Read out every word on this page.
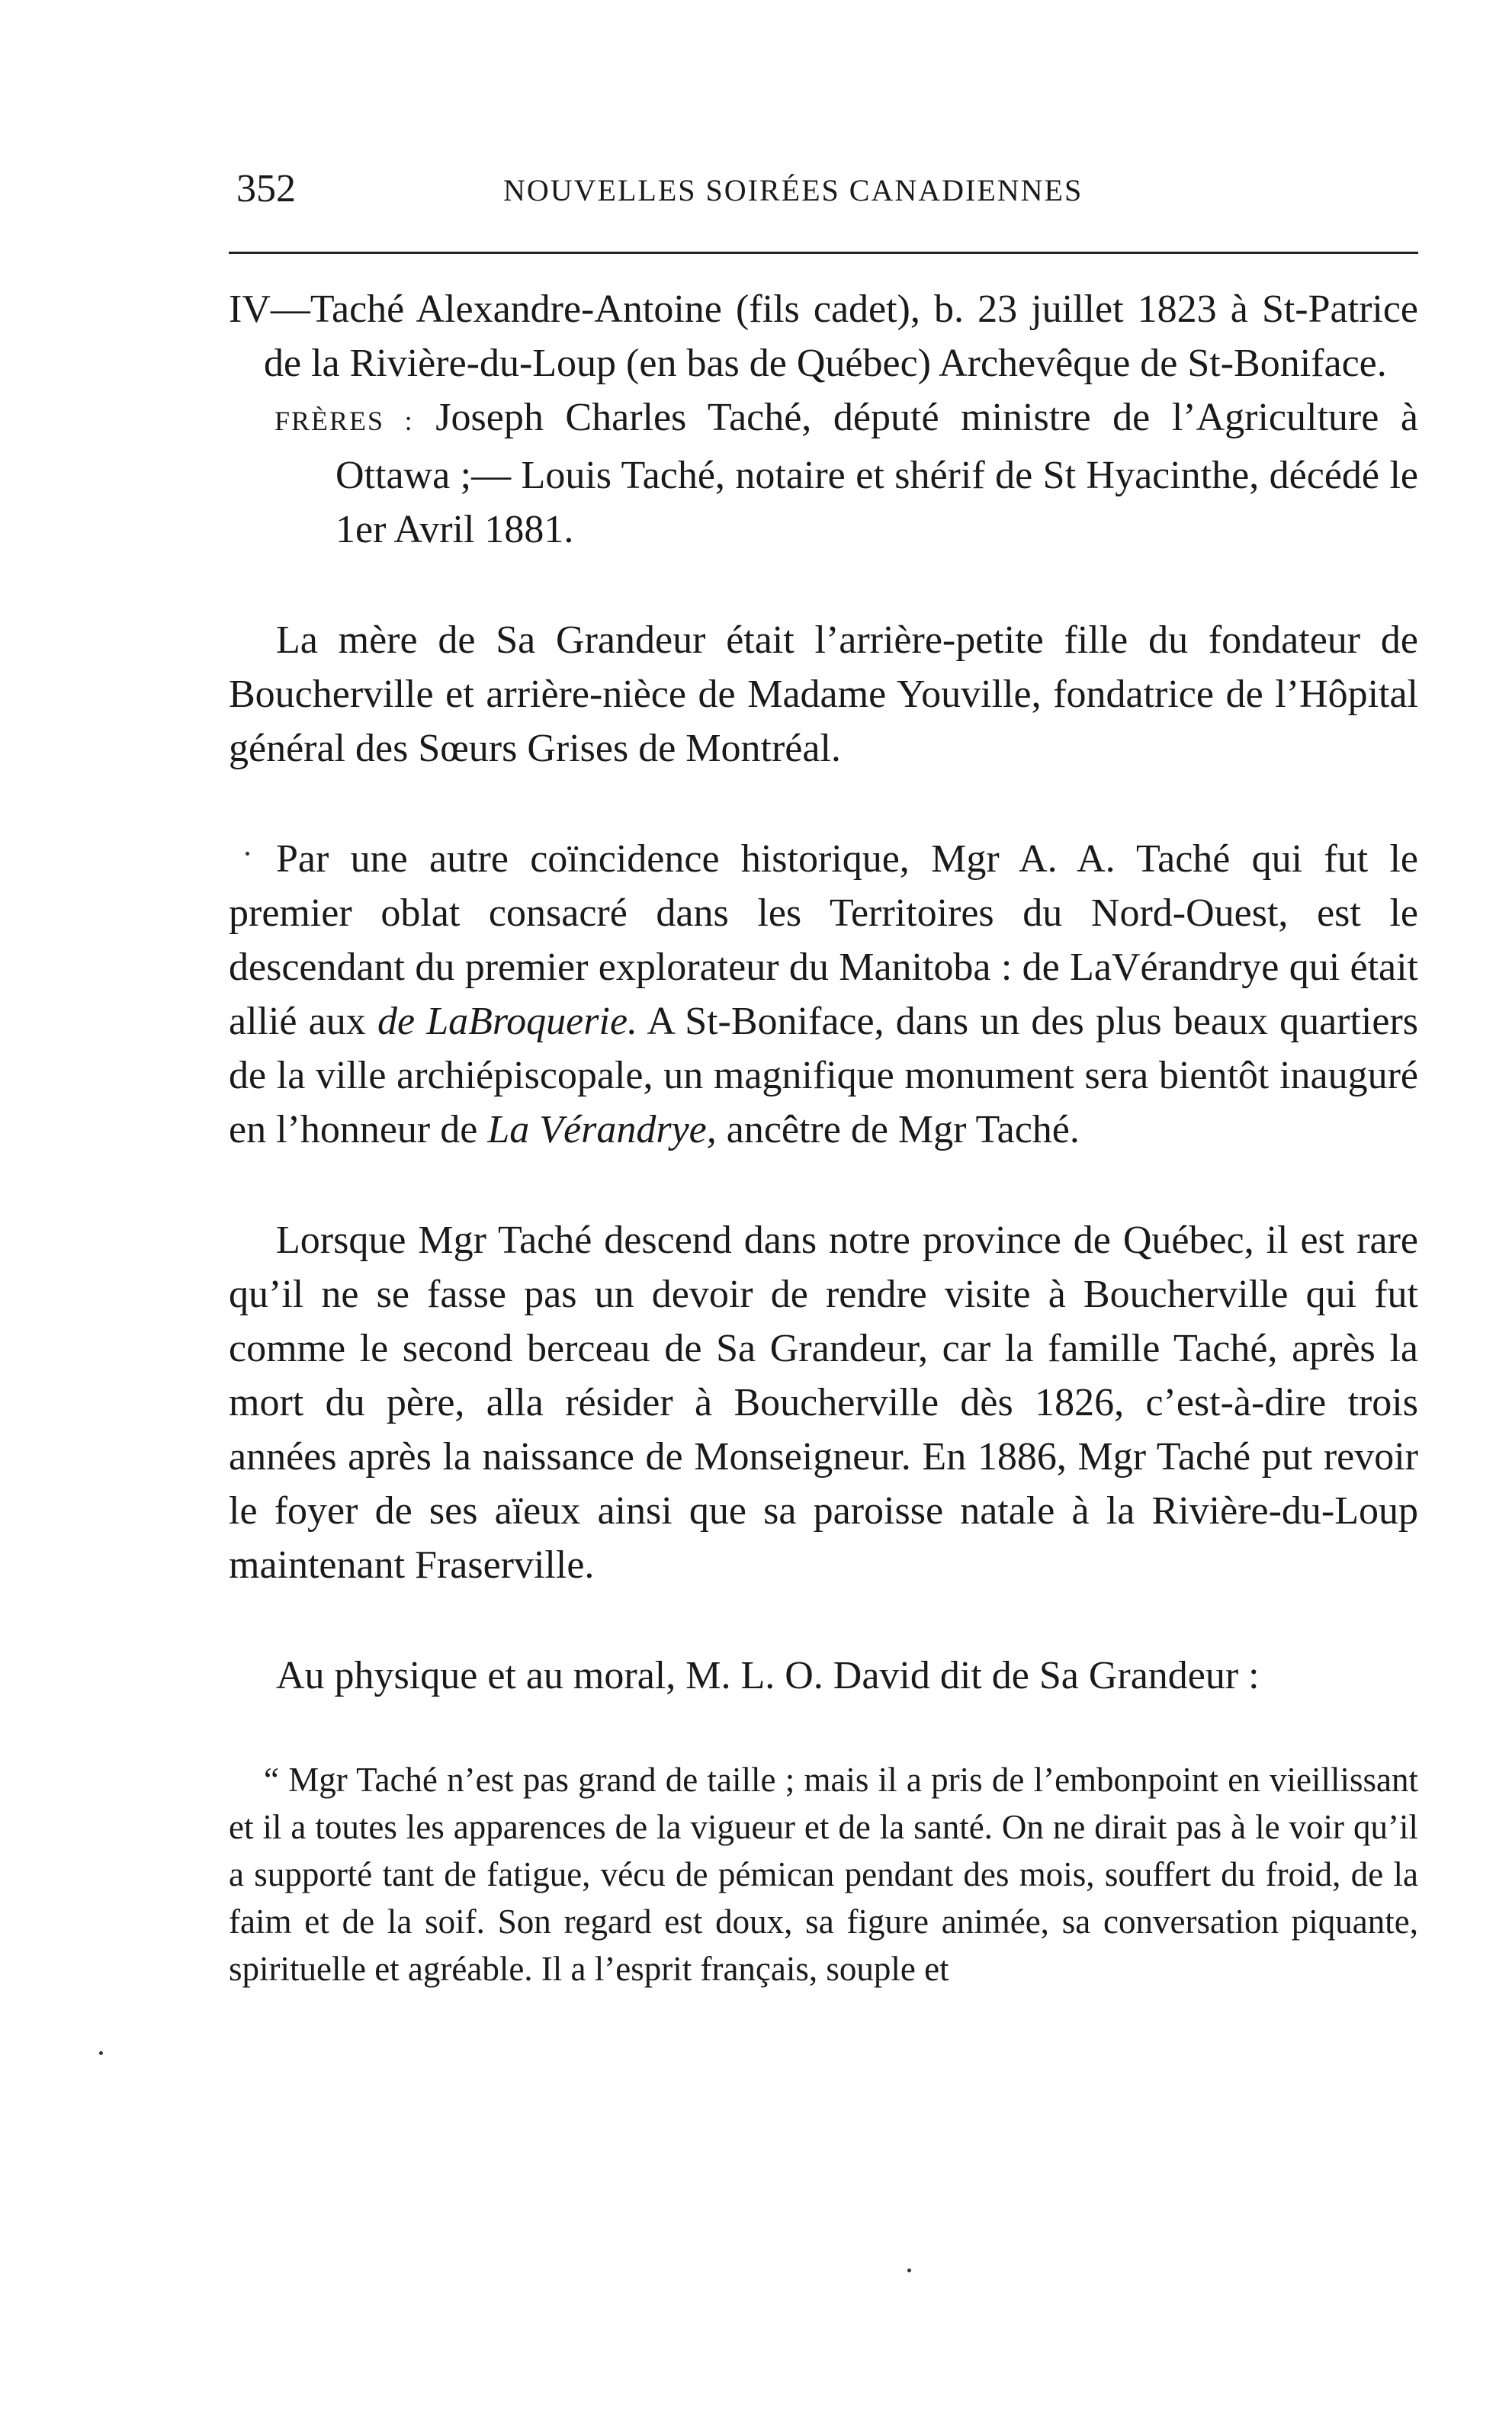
352	NOUVELLES SOIRÉES CANADIENNES
IV—Taché Alexandre-Antoine (fils cadet), b. 23 juillet 1823 à St-Patrice de la Rivière-du-Loup (en bas de Québec) Archevêque de St-Boniface.
FRÈRES : Joseph Charles Taché, député ministre de l’Agriculture à Ottawa ;— Louis Taché, notaire et shérif de St Hyacinthe, décédé le 1er Avril 1881.

La mère de Sa Grandeur était l’arrière-petite fille du fondateur de Boucherville et arrière-nièce de Madame Youville, fondatrice de l’Hôpital général des Sœurs Grises de Montréal.

Par une autre coïncidence historique, Mgr A. A. Taché qui fut le premier oblat consacré dans les Territoires du Nord-Ouest, est le descendant du premier explorateur du Manitoba : de LaVérandrye qui était allié aux de LaBroquerie. A St-Boniface, dans un des plus beaux quartiers de la ville archiépiscopale, un magnifique monument sera bientôt inauguré en l’honneur de La Vérandrye, ancêtre de Mgr Taché.

Lorsque Mgr Taché descend dans notre province de Québec, il est rare qu’il ne se fasse pas un devoir de rendre visite à Boucherville qui fut comme le second berceau de Sa Grandeur, car la famille Taché, après la mort du père, alla résider à Boucherville dès 1826, c’est-à-dire trois années après la naissance de Monseigneur. En 1886, Mgr Taché put revoir le foyer de ses aïeux ainsi que sa paroisse natale à la Rivière-du-Loup maintenant Fraserville.

Au physique et au moral, M. L. O. David dit de Sa Grandeur :

“ Mgr Taché n’est pas grand de taille ; mais il a pris de l’embonpoint en vieillissant et il a toutes les apparences de la vigueur et de la santé. On ne dirait pas à le voir qu’il a supporté tant de fatigue, vécu de pémican pendant des mois, souffert du froid, de la faim et de la soif. Son regard est doux, sa figure animée, sa conversation piquante, spirituelle et agréable. Il a l’esprit français, souple et
